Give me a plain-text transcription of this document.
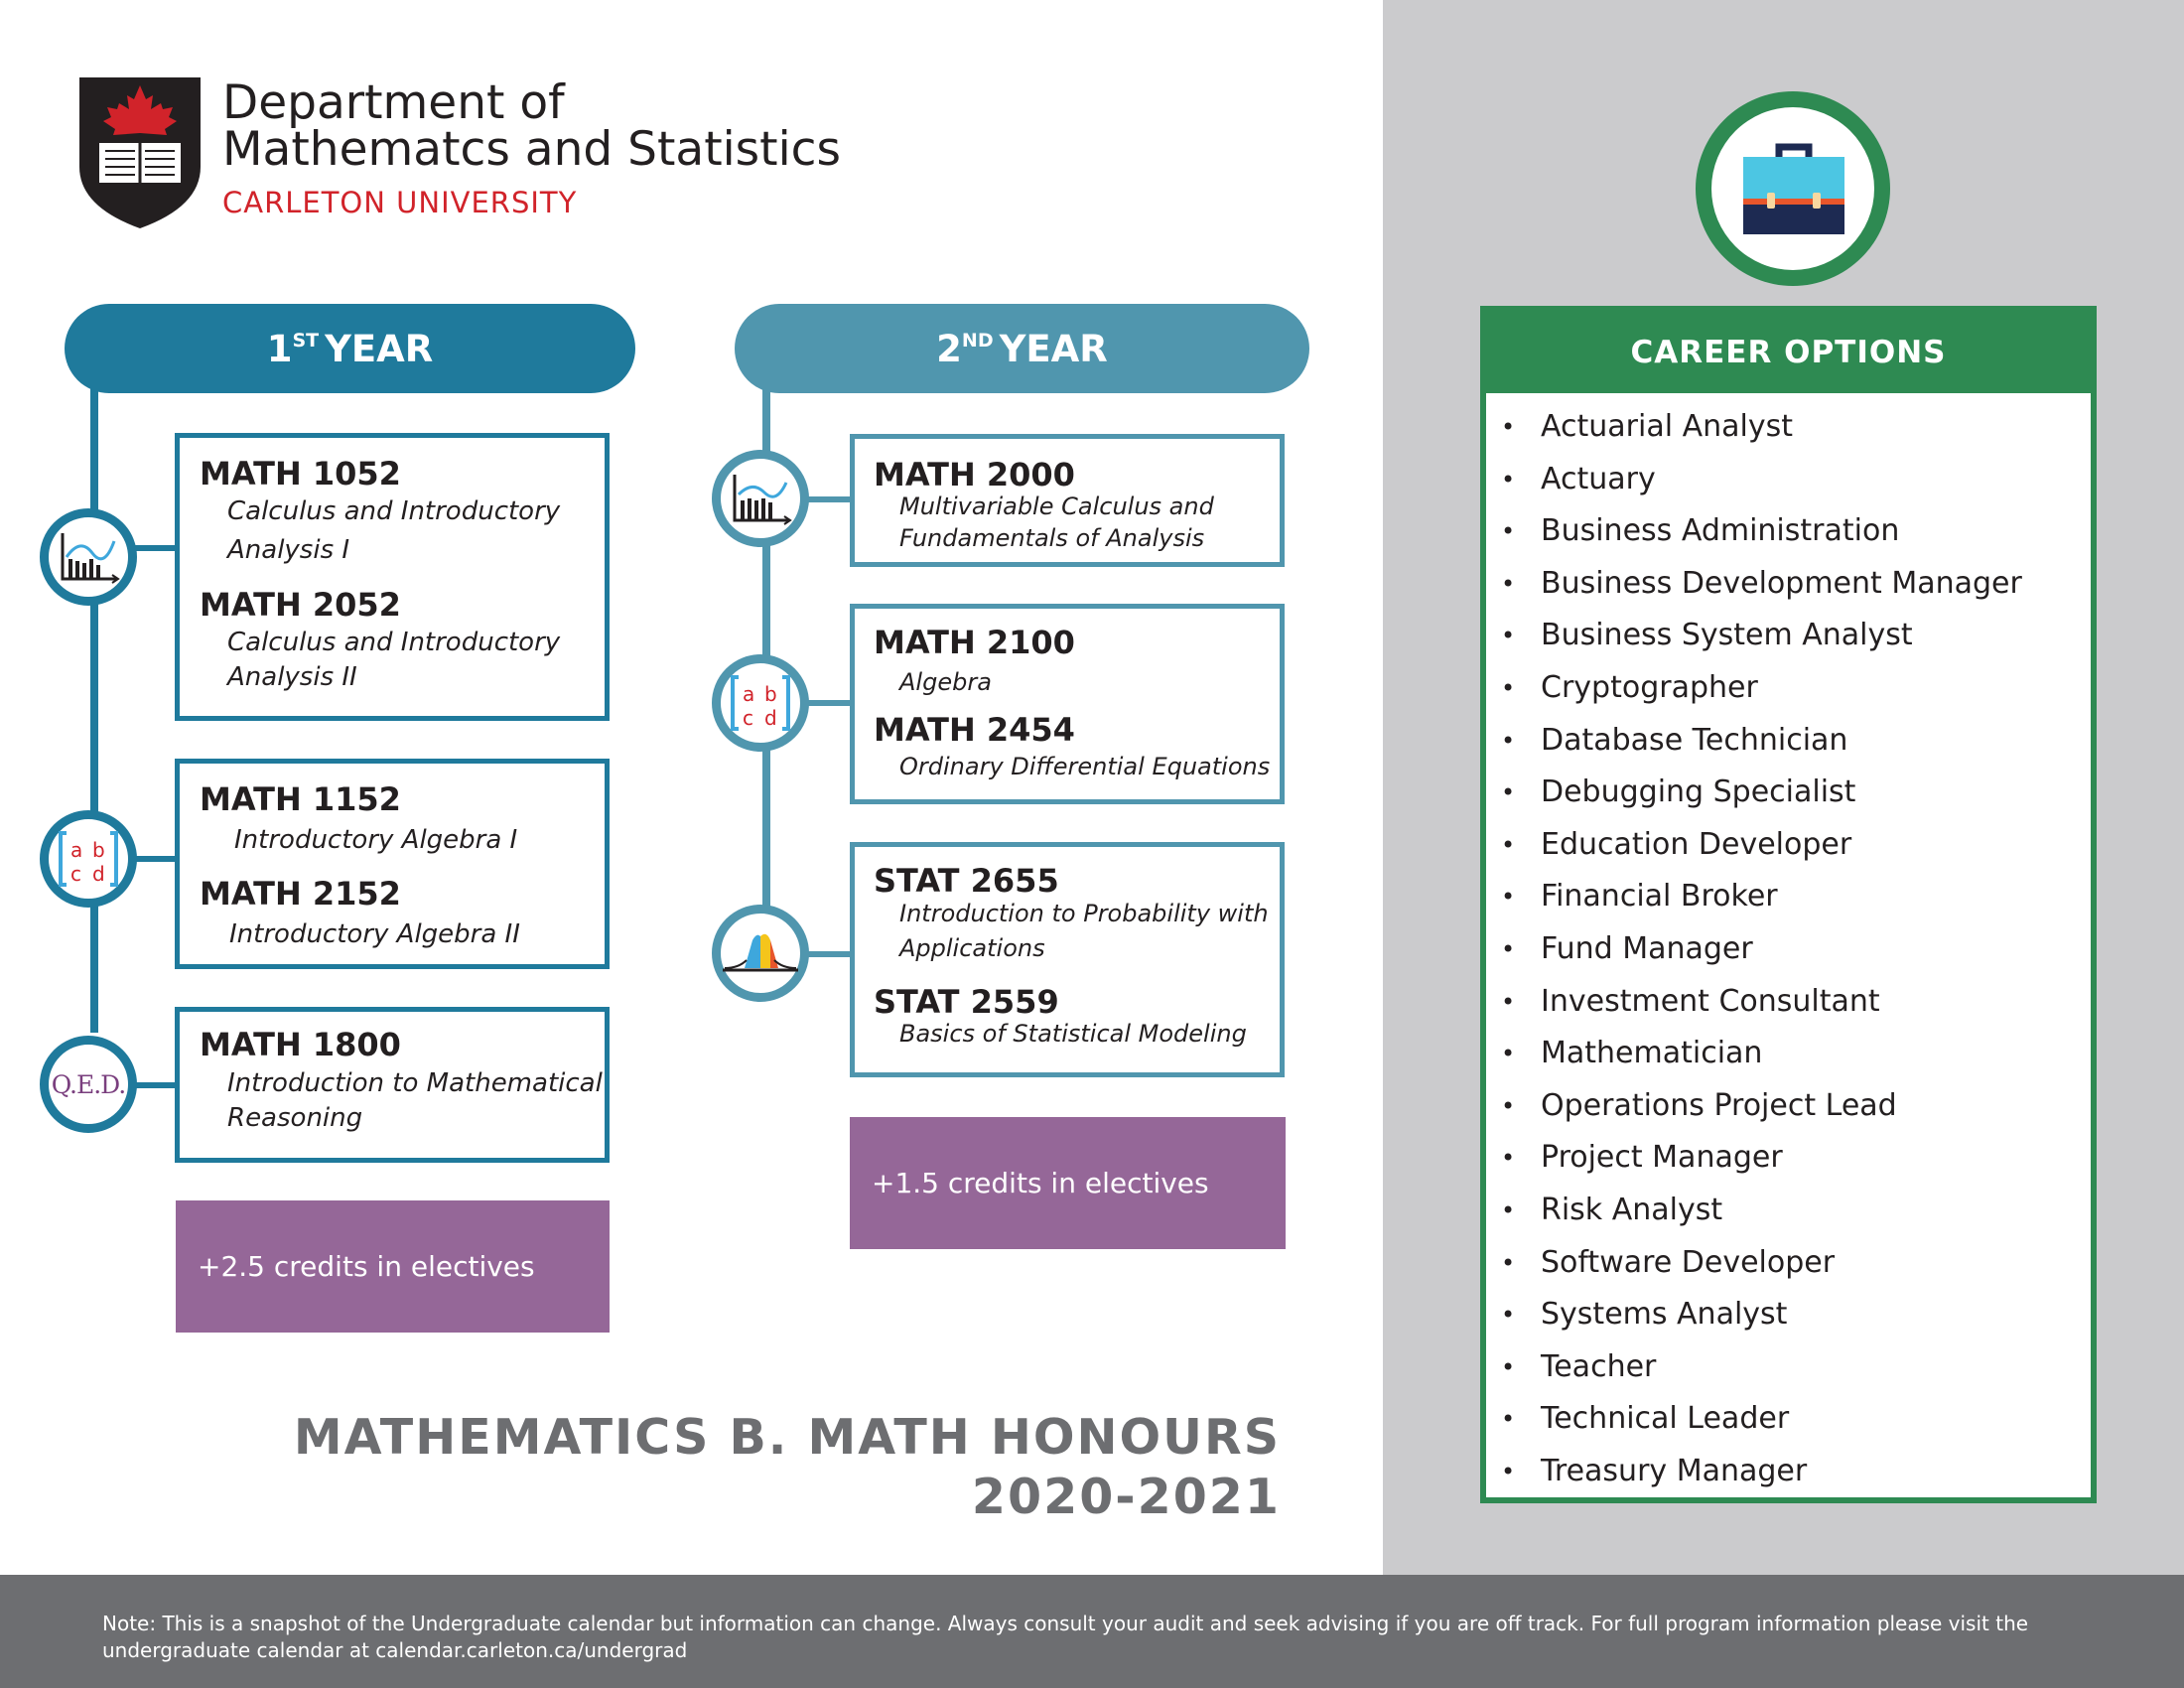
Department of
Mathematcs and Statistics
CARLETON UNIVERSITY
1ST YEAR
MATH 1052
Calculus and Introductory
Analysis I
MATH 2052
Calculus and Introductory
Analysis II
a b
c d
MATH 1152
Introductory Algebra I
MATH 2152
Introductory Algebra II
Q.E.D.
MATH 1800
Introduction to Mathematical
Reasoning
+2.5 credits in electives
2ND YEAR
MATH 2000
Multivariable Calculus and
Fundamentals of Analysis
a b
c d
MATH 2100
Algebra
MATH 2454
Ordinary Differential Equations
STAT 2655
Introduction to Probability with
Applications
STAT 2559
Basics of Statistical Modeling
+1.5 credits in electives
MATHEMATICS B. MATH HONOURS
2020-2021
CAREER OPTIONS
• Actuarial Analyst
• Actuary
• Business Administration
• Business Development Manager
• Business System Analyst
• Cryptographer
• Database Technician
• Debugging Specialist
• Education Developer
• Financial Broker
• Fund Manager
• Investment Consultant
• Mathematician
• Operations Project Lead
• Project Manager
• Risk Analyst
• Software Developer
• Systems Analyst
• Teacher
• Technical Leader
• Treasury Manager
Note: This is a snapshot of the Undergraduate calendar but information can change. Always consult your audit and seek advising if you are off track. For full program information please visit the undergraduate calendar at calendar.carleton.ca/undergrad
